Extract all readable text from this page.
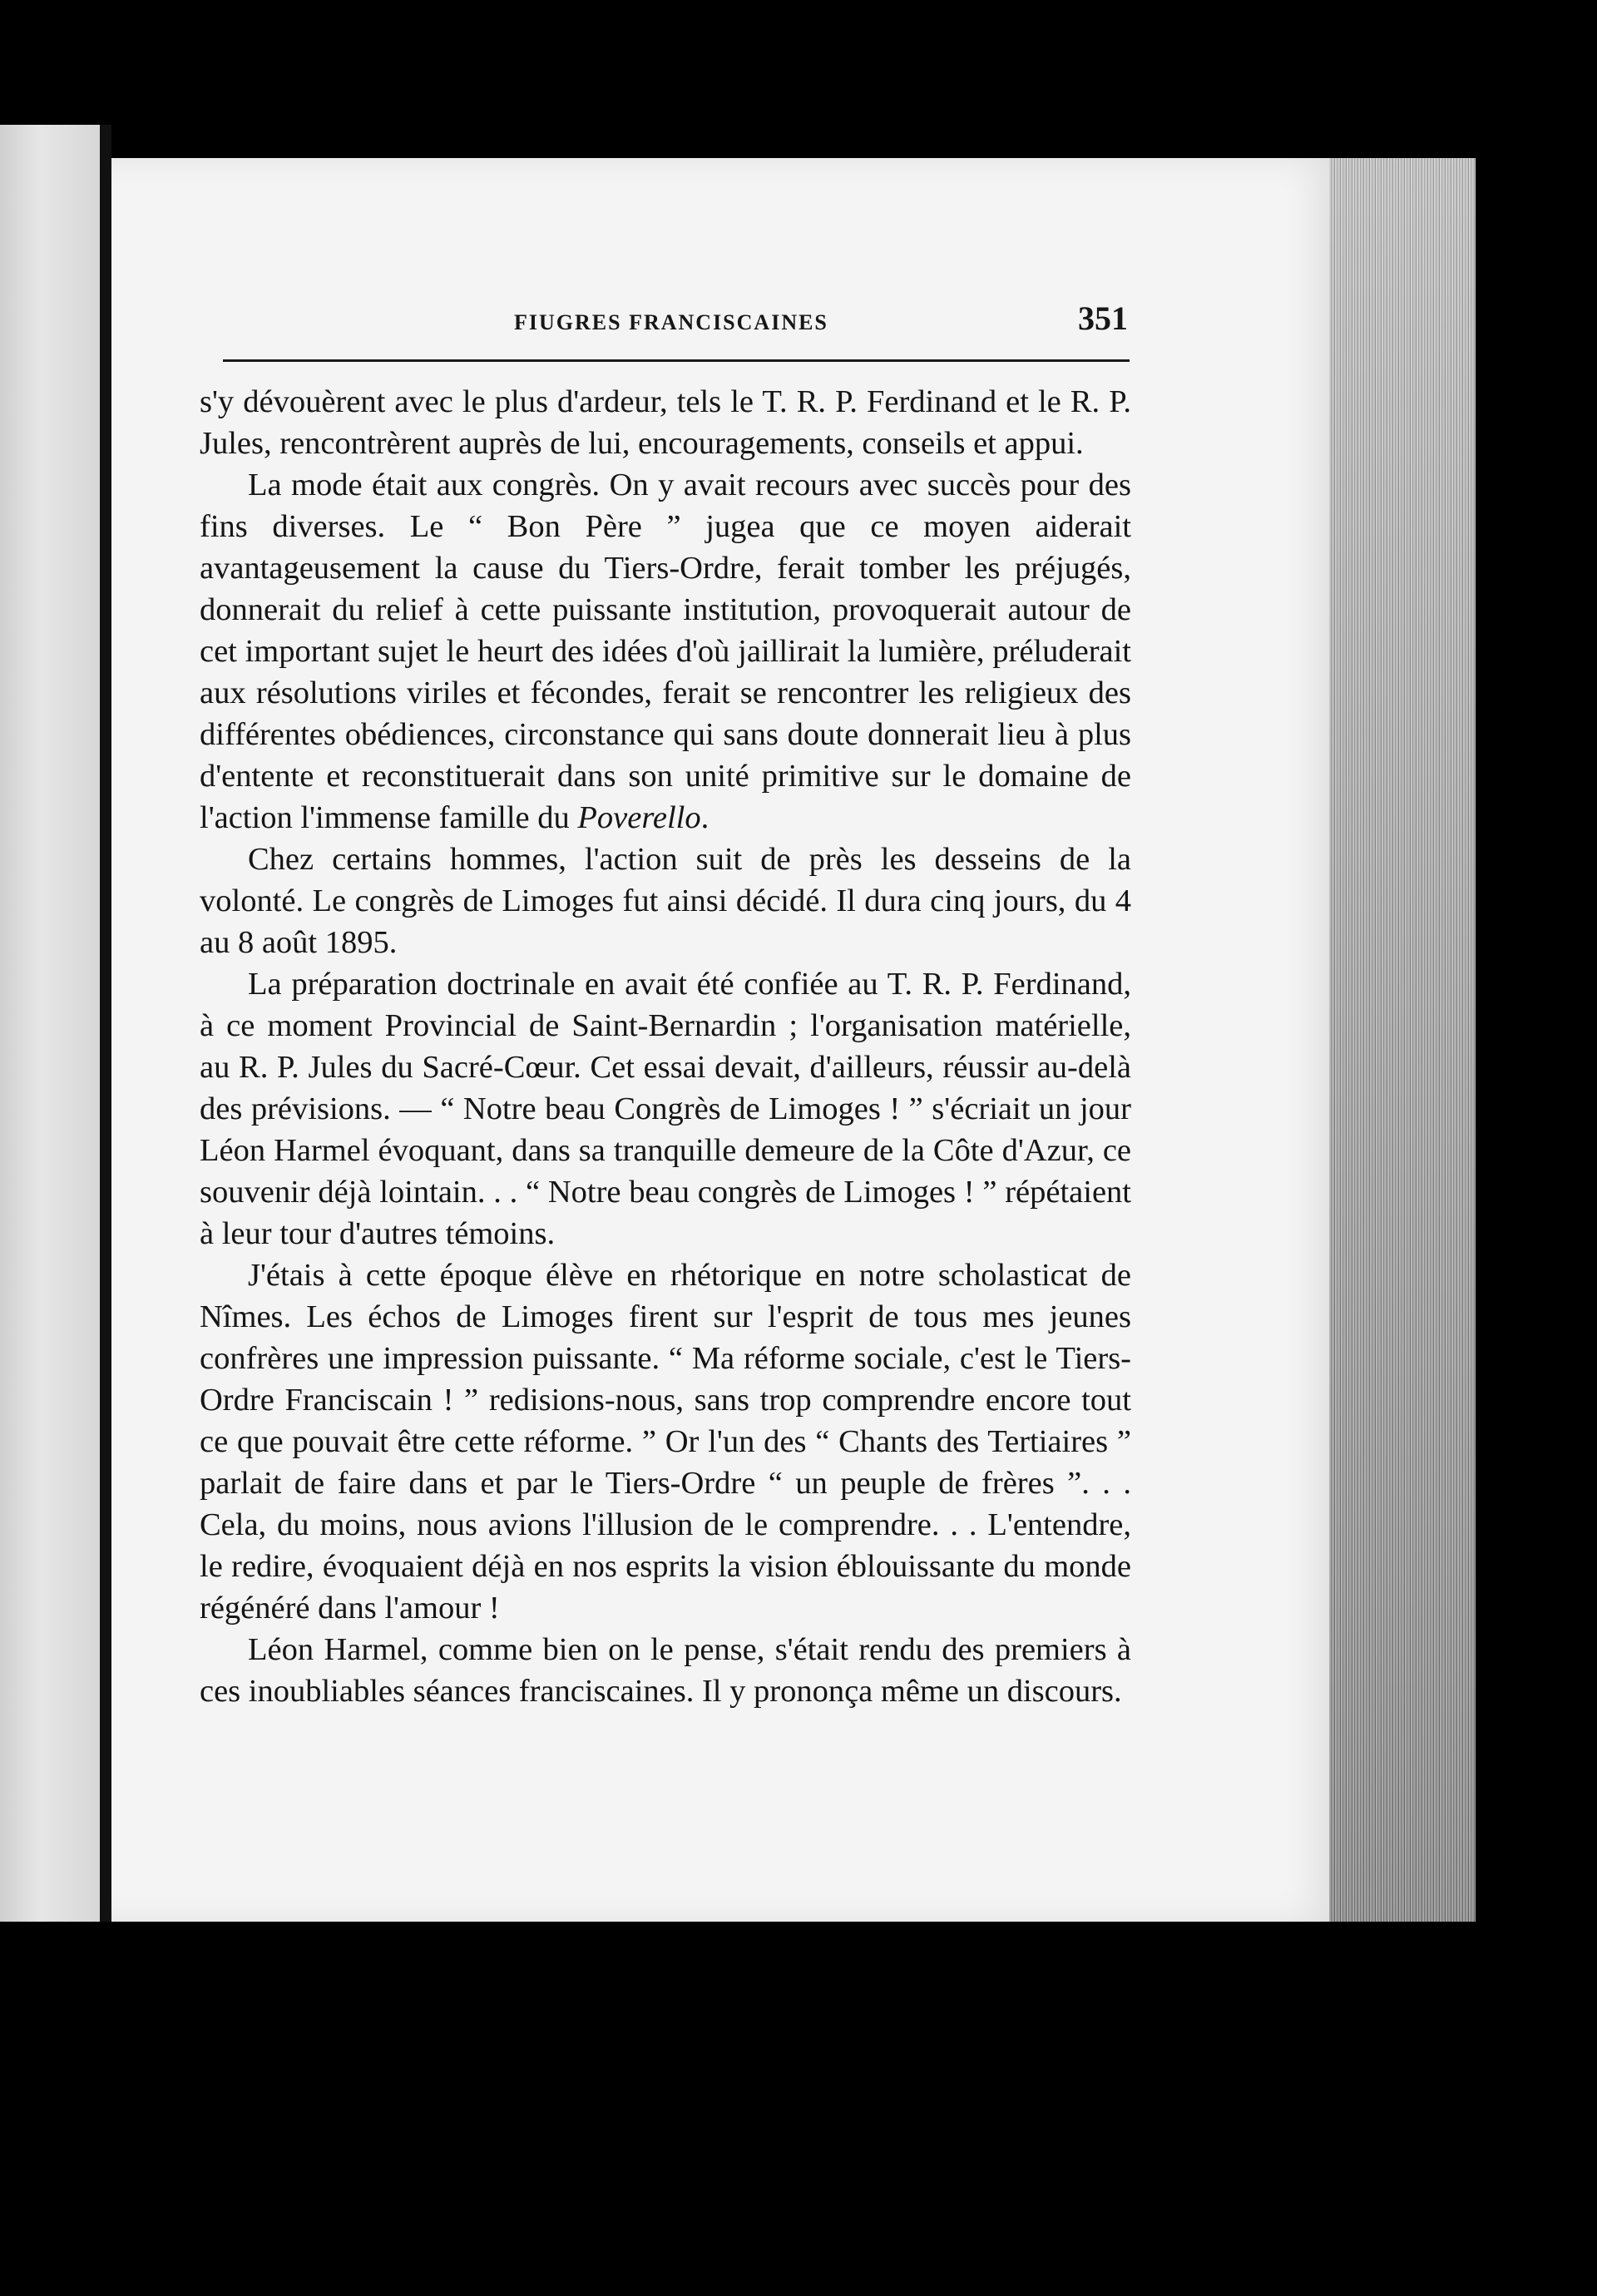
FIUGRES FRANCISCAINES	351

s'y dévouèrent avec le plus d'ardeur, tels le T. R. P. Ferdinand et le R. P. Jules, rencontrèrent auprès de lui, encouragements, conseils et appui.

La mode était aux congrès. On y avait recours avec succès pour des fins diverses. Le “ Bon Père ” jugea que ce moyen aiderait avantageusement la cause du Tiers-Ordre, ferait tomber les préjugés, donnerait du relief à cette puissante institution, provoquerait autour de cet important sujet le heurt des idées d'où jaillirait la lumière, préluderait aux résolutions viriles et fécondes, ferait se rencontrer les religieux des différentes obédiences, circonstance qui sans doute donnerait lieu à plus d'entente et reconstituerait dans son unité primitive sur le domaine de l'action l'immense famille du Poverello.

Chez certains hommes, l'action suit de près les desseins de la volonté. Le congrès de Limoges fut ainsi décidé. Il dura cinq jours, du 4 au 8 août 1895.

La préparation doctrinale en avait été confiée au T. R. P. Ferdinand, à ce moment Provincial de Saint-Bernardin ; l'organisation matérielle, au R. P. Jules du Sacré-Cœur. Cet essai devait, d'ailleurs, réussir au-delà des prévisions. — “ Notre beau Congrès de Limoges ! ” s'écriait un jour Léon Harmel évoquant, dans sa tranquille demeure de la Côte d'Azur, ce souvenir déjà lointain. . . “ Notre beau congrès de Limoges ! ” répétaient à leur tour d'autres témoins.

J'étais à cette époque élève en rhétorique en notre scholasticat de Nîmes. Les échos de Limoges firent sur l'esprit de tous mes jeunes confrères une impression puissante. “ Ma réforme sociale, c'est le Tiers-Ordre Franciscain ! ” redisions-nous, sans trop comprendre encore tout ce que pouvait être cette réforme. ” Or l'un des “ Chants des Tertiaires ” parlait de faire dans et par le Tiers-Ordre “ un peuple de frères ”. . . Cela, du moins, nous avions l'illusion de le comprendre. . . L'entendre, le redire, évoquaient déjà en nos esprits la vision éblouissante du monde régénéré dans l'amour !

Léon Harmel, comme bien on le pense, s'était rendu des premiers à ces inoubliables séances franciscaines. Il y prononça même un discours.
